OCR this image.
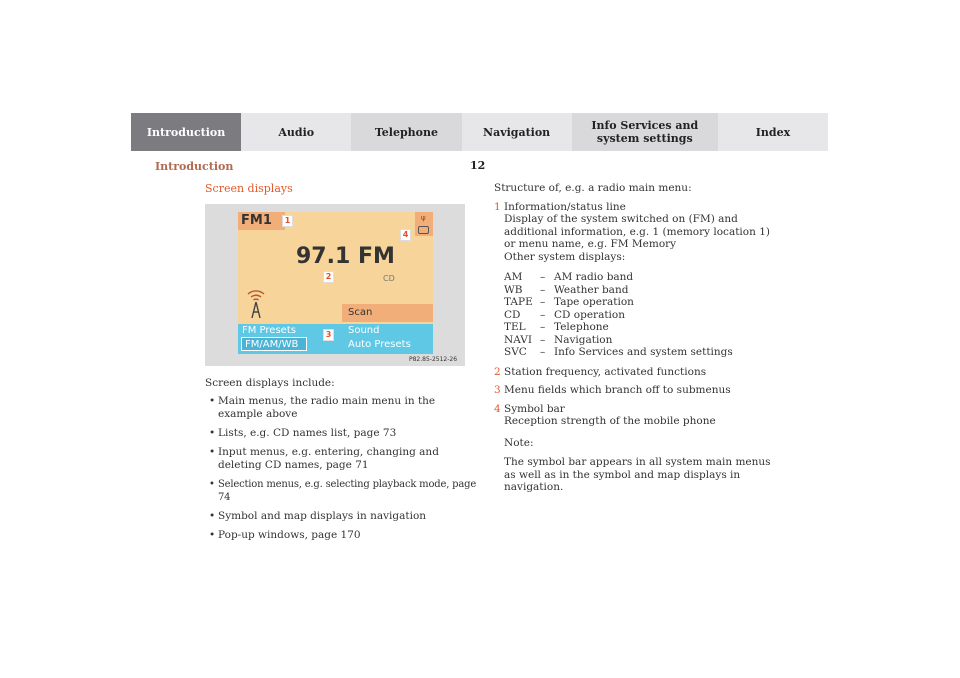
Introduction	Audio	Telephone	Navigation	Info Services and system settings	Index
Introduction	12
Screen displays
FM1	ψ
97.1 FM
CD
Scan
FM Presets	Sound
FM/AM/WB	Auto Presets
1
2
3
4
P82.85-2512-26

Screen displays include:

• Main menus, the radio main menu in the example above
• Lists, e.g. CD names list, page 73
• Input menus, e.g. entering, changing and deleting CD names, page 71
• Selection menus, e.g. selecting playback mode, page 74
• Symbol and map displays in navigation
• Pop-up windows, page 170

Structure of, e.g. a radio main menu:

1 Information/status line

Display of the system switched on (FM) and additional information, e.g. 1 (memory location 1) or menu name, e.g. FM Memory

Other system displays:

AM	–	AM radio band
WB	–	Weather band
TAPE	–	Tape operation
CD	–	CD operation
TEL	–	Telephone
NAVI	–	Navigation
SVC	–	Info Services and system settings
2 Station frequency, activated functions

3 Menu fields which branch off to submenus

4 Symbol bar

Reception strength of the mobile phone

Note:

The symbol bar appears in all system main menus as well as in the symbol and map displays in navigation.
